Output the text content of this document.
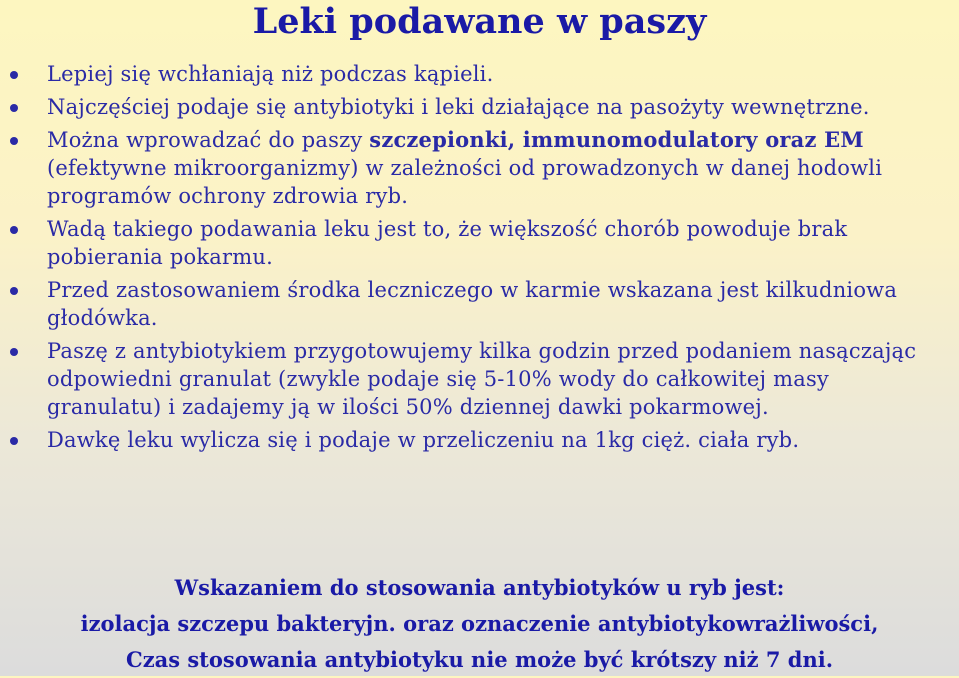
Leki podawane w paszy
Lepiej się wchłaniają niż podczas kąpieli.
Najczęściej podaje się antybiotyki i leki działające na pasożyty wewnętrzne.
Można wprowadzać do paszy szczepionki, immunomodulatory oraz EM (efektywne mikroorganizmy) w zależności od prowadzonych w danej hodowli programów ochrony zdrowia ryb.
Wadą takiego podawania leku jest to, że większość chorób powoduje brak pobierania pokarmu.
Przed zastosowaniem środka leczniczego w karmie wskazana jest kilkudniowa głodówka.
Paszę z antybiotykiem przygotowujemy kilka godzin przed podaniem nasączając odpowiedni granulat (zwykle podaje się 5-10% wody do całkowitej masy granulatu) i zadajemy ją w ilości 50% dziennej dawki pokarmowej.
Dawkę leku wylicza się i podaje w przeliczeniu na 1kg cięż. ciała ryb.
Wskazaniem do stosowania antybiotyków u ryb jest:
izolacja szczepu bakteryjn. oraz oznaczenie antybiotykowrażliwości,
Czas stosowania antybiotyku nie może być krótszy niż 7 dni.
